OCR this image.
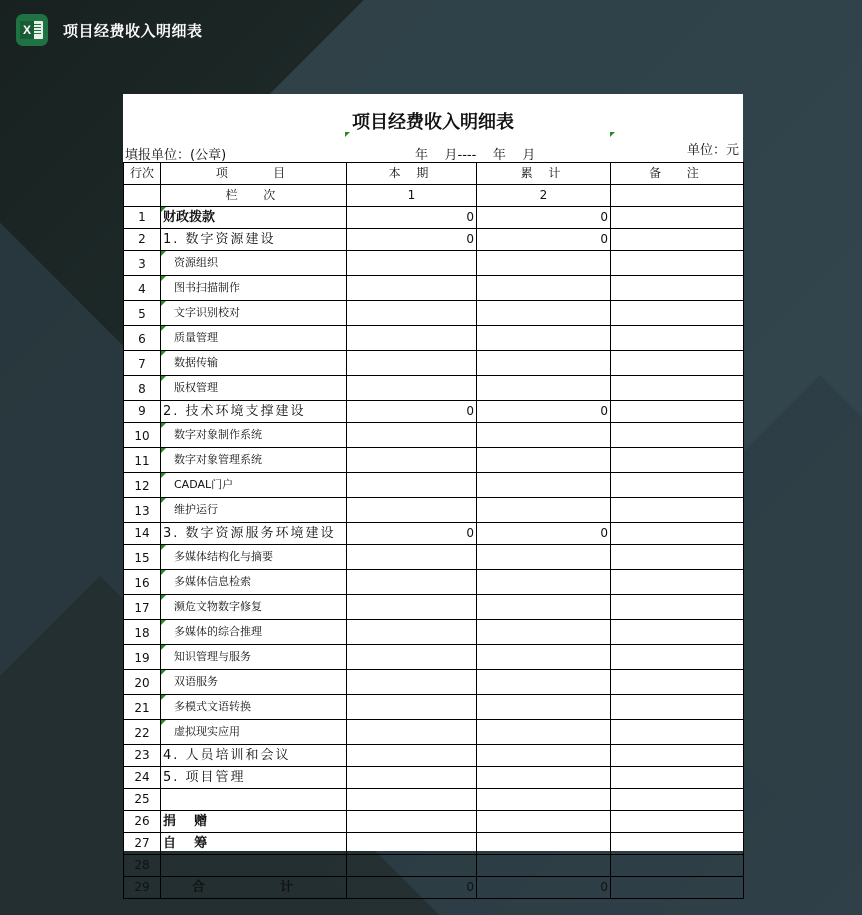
X 项目经费收入明细表
项目经费收入明细表
填报单位：(公章)	年    月----    年    月	单位：元
行次	项    目	本 期	累 计	备  注
	栏  次	1	2	
1	财政拨款	0	0	
2	1. 数字资源建设	0	0	
3	资源组织			
4	图书扫描制作			
5	文字识别校对			
6	质量管理			
7	数据传输			
8	版权管理			
9	2. 技术环境支撑建设	0	0	
10	数字对象制作系统			
11	数字对象管理系统			
12	CADAL门户			
13	维护运行			
14	3. 数字资源服务环境建设	0	0	
15	多媒体结构化与摘要			
16	多媒体信息检索			
17	濒危文物数字修复			
18	多媒体的综合推理			
19	知识管理与服务			
20	双语服务			
21	多模式文语转换			
22	虚拟现实应用			
23	4. 人员培训和会议			
24	5. 项目管理			
25				
26	捐    赠			
27	自    筹			
28				
29	合  计	0	0	
